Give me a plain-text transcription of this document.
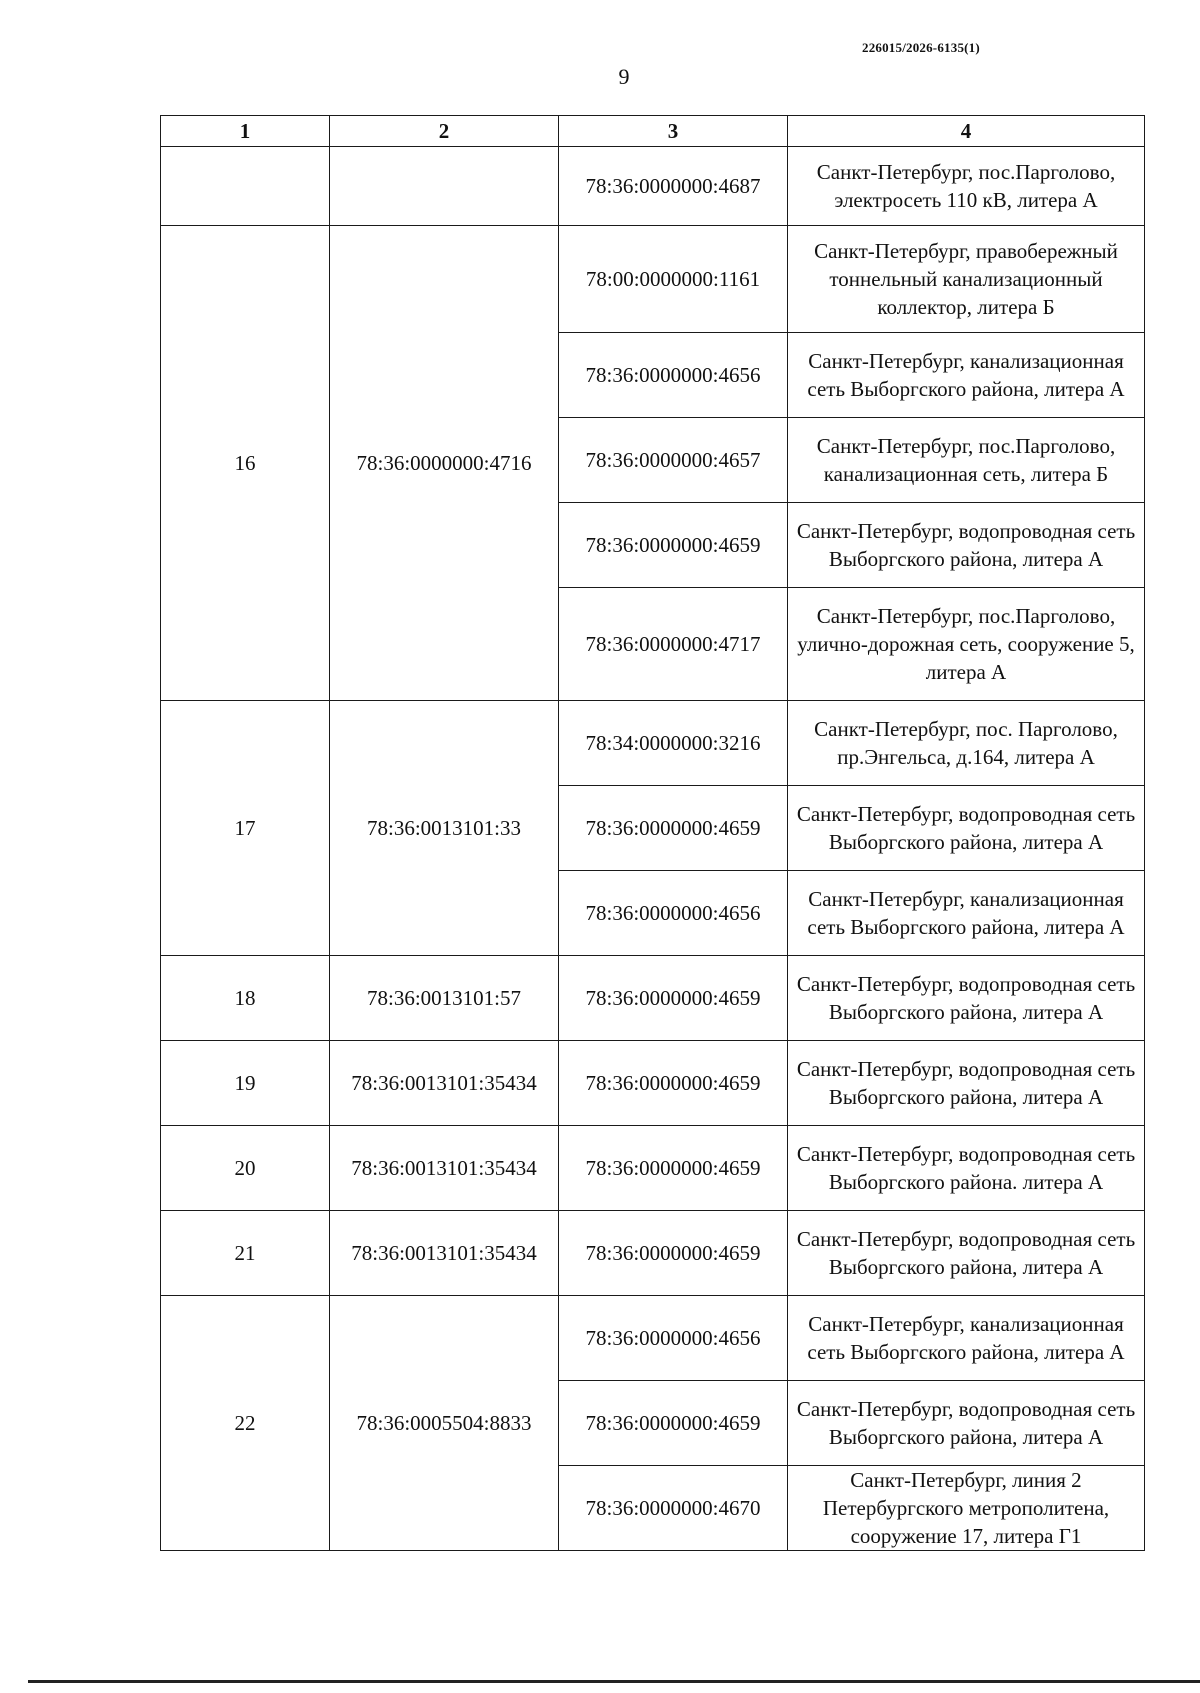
226015/2026-6135(1)
9
1	2	3	4
		78:36:0000000:4687	Санкт-Петербург, пос.Парголово, электросеть 110 кВ, литера А
16	78:36:0000000:4716	78:00:0000000:1161	Санкт-Петербург, правобережный тоннельный канализационный коллектор, литера Б
		78:36:0000000:4656	Санкт-Петербург, канализационная сеть Выборгского района, литера А
		78:36:0000000:4657	Санкт-Петербург, пос.Парголово, канализационная сеть, литера Б
		78:36:0000000:4659	Санкт-Петербург, водопроводная сеть Выборгского района, литера А
		78:36:0000000:4717	Санкт-Петербург, пос.Парголово, улично-дорожная сеть, сооружение 5, литера А
17	78:36:0013101:33	78:34:0000000:3216	Санкт-Петербург, пос. Парголово, пр.Энгельса, д.164, литера А
		78:36:0000000:4659	Санкт-Петербург, водопроводная сеть Выборгского района, литера А
		78:36:0000000:4656	Санкт-Петербург, канализационная сеть Выборгского района, литера А
18	78:36:0013101:57	78:36:0000000:4659	Санкт-Петербург, водопроводная сеть Выборгского района, литера А
19	78:36:0013101:35434	78:36:0000000:4659	Санкт-Петербург, водопроводная сеть Выборгского района, литера А
20	78:36:0013101:35434	78:36:0000000:4659	Санкт-Петербург, водопроводная сеть Выборгского района. литера А
21	78:36:0013101:35434	78:36:0000000:4659	Санкт-Петербург, водопроводная сеть Выборгского района, литера А
22	78:36:0005504:8833	78:36:0000000:4656	Санкт-Петербург, канализационная сеть Выборгского района, литера А
		78:36:0000000:4659	Санкт-Петербург, водопроводная сеть Выборгского района, литера А
		78:36:0000000:4670	Санкт-Петербург, линия 2 Петербургского метрополитена, сооружение 17, литера Г1
